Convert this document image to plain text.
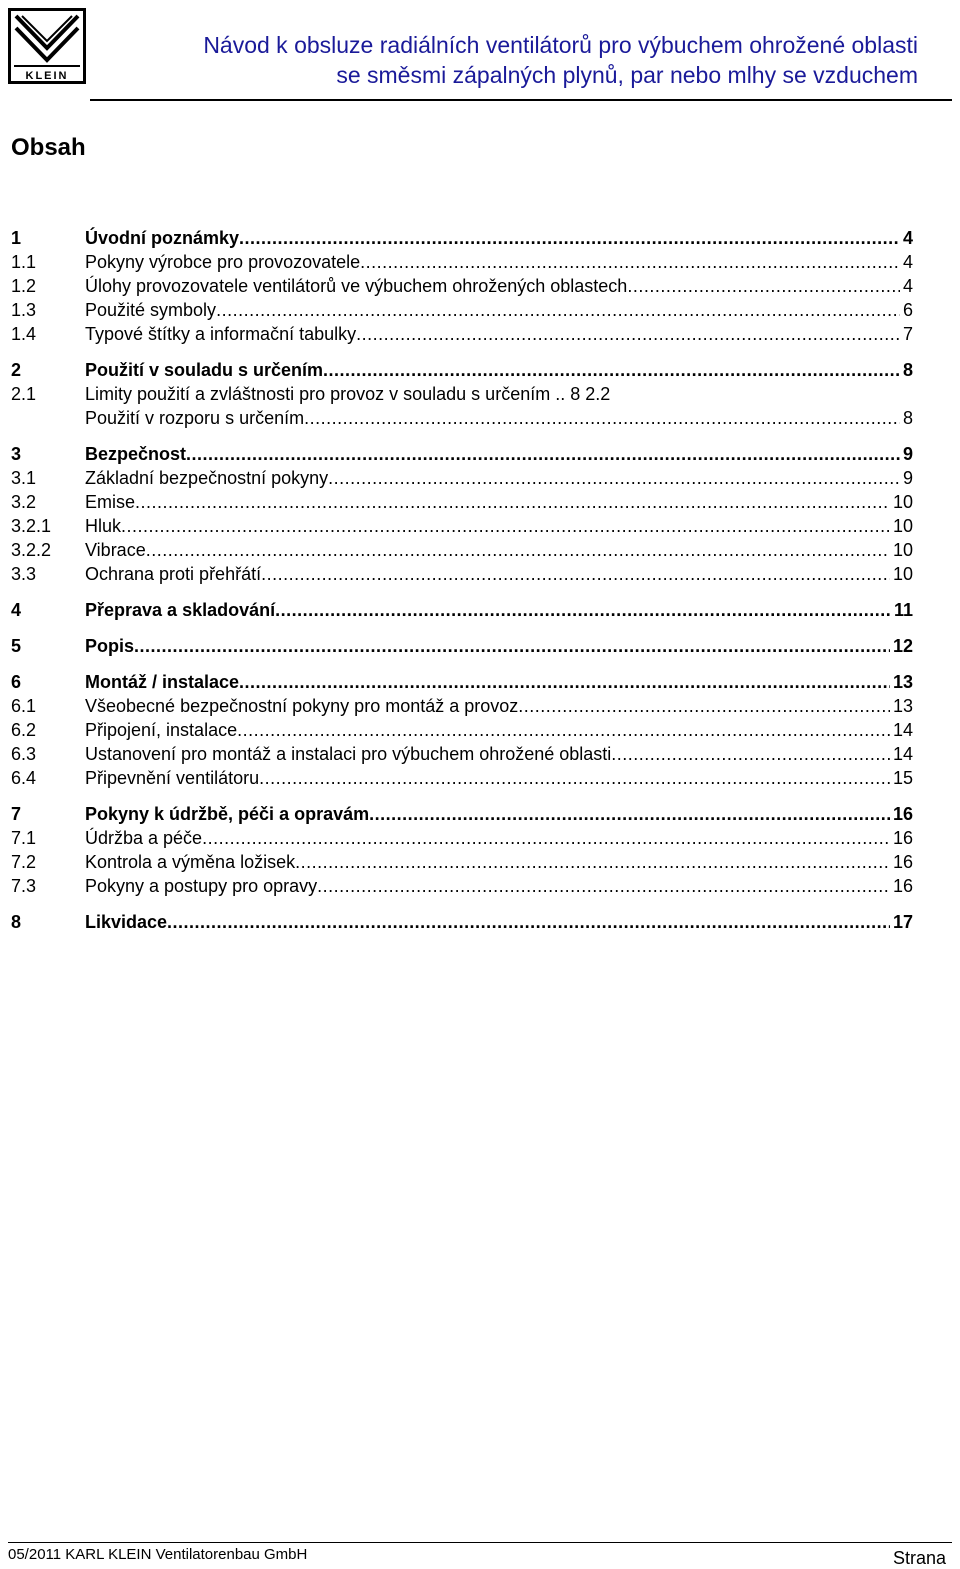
KLEIN
Návod k obsluze radiálních ventilátorů pro výbuchem ohrožené oblasti
se směsmi zápalných plynů, par nebo mlhy se vzduchem
Obsah
1	Úvodní poznámky .....	4
1.1	Pokyny výrobce pro provozovatele .....	4
1.2	Úlohy provozovatele ventilátorů ve výbuchem ohrožených oblastech .....	4
1.3	Použité symboly .....	6
1.4	Typové štítky a informační tabulky .....	7
2	Použití v souladu s určením .....	8
2.1	Limity použití a zvláštnosti pro provoz v souladu s určením .. 8 2.2
Použití v rozporu s určením .....	8
3	Bezpečnost .....	9
3.1	Základní bezpečnostní pokyny .....	9
3.2	Emise .....	10
3.2.1	Hluk .....	10
3.2.2	Vibrace .....	10
3.3	Ochrana proti přehřátí .....	10
4	Přeprava a skladování .....	11
5	Popis .....	12
6	Montáž / instalace .....	13
6.1	Všeobecné bezpečnostní pokyny pro montáž a provoz .....	13
6.2	Připojení, instalace .....	14
6.3	Ustanovení pro montáž a instalaci pro výbuchem ohrožené oblasti .....	14
6.4	Připevnění ventilátoru .....	15
7	Pokyny k údržbě, péči a opravám .....	16
7.1	Údržba a péče .....	16
7.2	Kontrola a výměna ložisek .....	16
7.3	Pokyny a postupy pro opravy .....	16
8	Likvidace .....	17
05/2011 KARL KLEIN Ventilatorenbau GmbH	Strana
